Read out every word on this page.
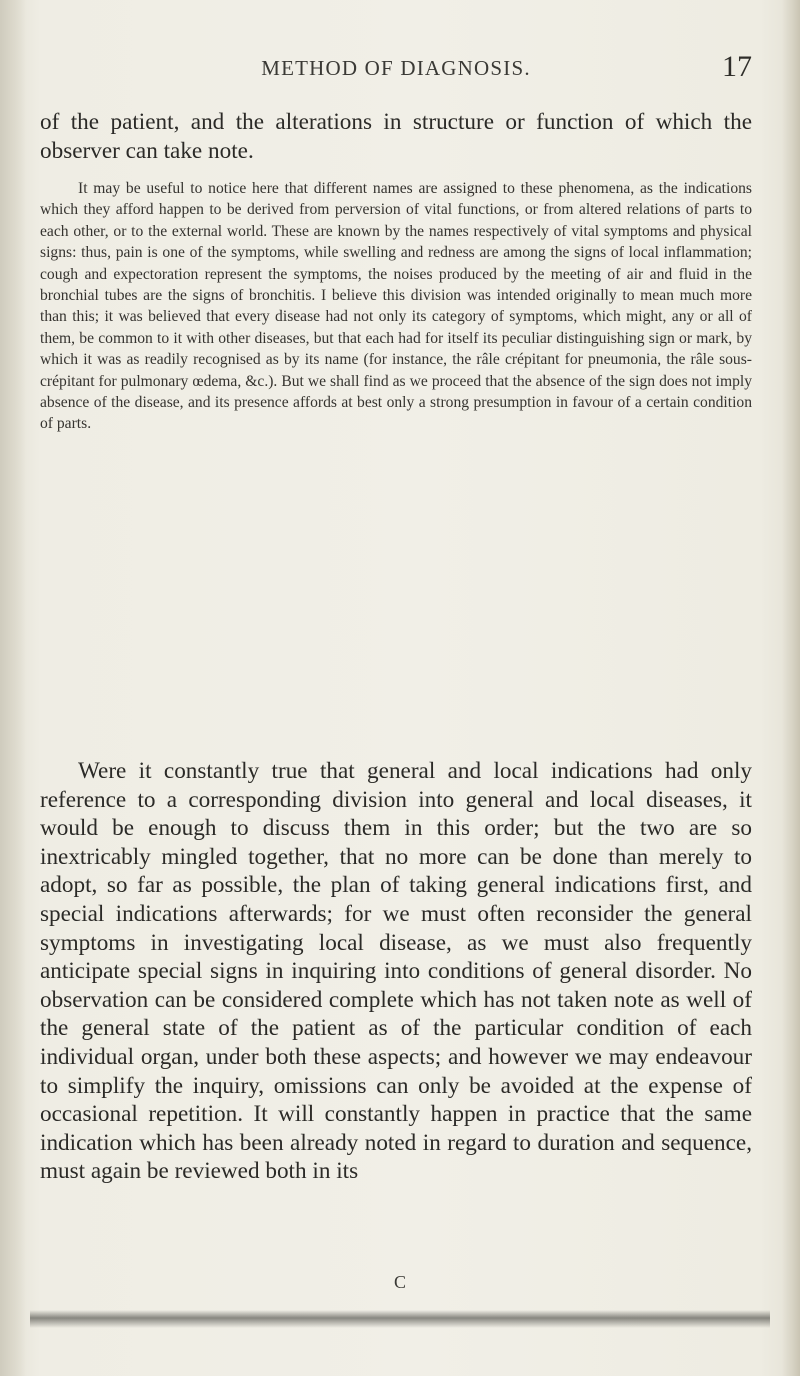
METHOD OF DIAGNOSIS.	17

of the patient, and the alterations in structure or function of which the observer can take note.

It may be useful to notice here that different names are assigned to these phenomena, as the indications which they afford happen to be derived from perversion of vital functions, or from altered relations of parts to each other, or to the external world. These are known by the names respectively of vital symptoms and physical signs: thus, pain is one of the symptoms, while swelling and redness are among the signs of local inflammation; cough and expectoration represent the symptoms, the noises produced by the meeting of air and fluid in the bronchial tubes are the signs of bronchitis. I believe this division was intended originally to mean much more than this; it was believed that every disease had not only its category of symptoms, which might, any or all of them, be common to it with other diseases, but that each had for itself its peculiar distinguishing sign or mark, by which it was as readily recognised as by its name (for instance, the râle crépitant for pneumonia, the râle sous-crépitant for pulmonary œdema, &c.). But we shall find as we proceed that the absence of the sign does not imply absence of the disease, and its presence affords at best only a strong presumption in favour of a certain condition of parts.

Were it constantly true that general and local indications had only reference to a corresponding division into general and local diseases, it would be enough to discuss them in this order; but the two are so inextricably mingled together, that no more can be done than merely to adopt, so far as possible, the plan of taking general indications first, and special indications afterwards; for we must often reconsider the general symptoms in investigating local disease, as we must also frequently anticipate special signs in inquiring into conditions of general disorder. No observation can be considered complete which has not taken note as well of the general state of the patient as of the particular condition of each individual organ, under both these aspects; and however we may endeavour to simplify the inquiry, omissions can only be avoided at the expense of occasional repetition. It will constantly happen in practice that the same indication which has been already noted in regard to duration and sequence, must again be reviewed both in its

C
